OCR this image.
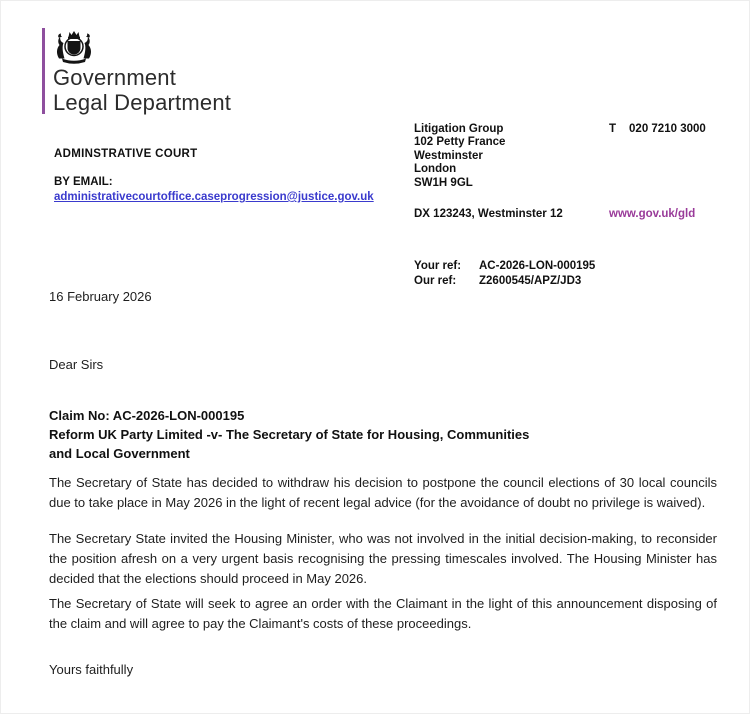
Government
Legal Department
ADMINSTRATIVE COURT
BY EMAIL:
administrativecourtoffice.caseprogression@justice.gov.uk
Litigation Group
102 Petty France
Westminster
London
SW1H 9GL
T 020 7210 3000
DX 123243, Westminster 12	www.gov.uk/gld
Your ref:	AC-2026-LON-000195
Our ref:	Z2600545/APZ/JD3
16 February 2026
Dear Sirs
Claim No: AC-2026-LON-000195
Reform UK Party Limited -v- The Secretary of State for Housing, Communities
and Local Government

The Secretary of State has decided to withdraw his decision to postpone the council elections of 30 local councils due to take place in May 2026 in the light of recent legal advice (for the avoidance of doubt no privilege is waived).

The Secretary State invited the Housing Minister, who was not involved in the initial decision-making, to reconsider the position afresh on a very urgent basis recognising the pressing timescales involved. The Housing Minister has decided that the elections should proceed in May 2026.

The Secretary of State will seek to agree an order with the Claimant in the light of this announcement disposing of the claim and will agree to pay the Claimant's costs of these proceedings.

Yours faithfully
